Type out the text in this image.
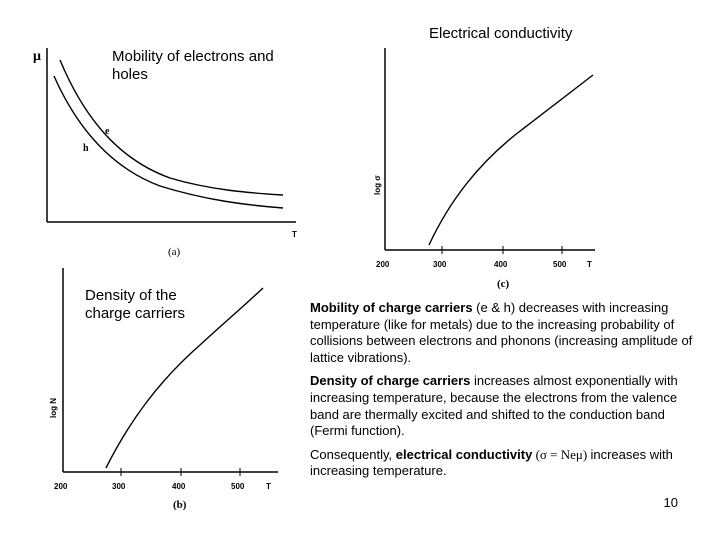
μ
T
e
h
(a)
log N
200	300	400	500	T
(b)
log σ
200	300	400	500	T
(c)
Electrical conductivity
Mobility of electrons and holes
Density of the charge carriers	Mobility of charge carriers (e & h) decreases with increasing temperature (like for metals) due to the increasing probability of collisions between electrons and phonons (increasing amplitude of lattice vibrations).

Density of charge carriers increases almost exponentially with increasing temperature, because the electrons from the valence band are thermally excited and shifted to the conduction band (Fermi function).

Consequently, electrical conductivity (σ = Neμ) increases with increasing temperature.

10
